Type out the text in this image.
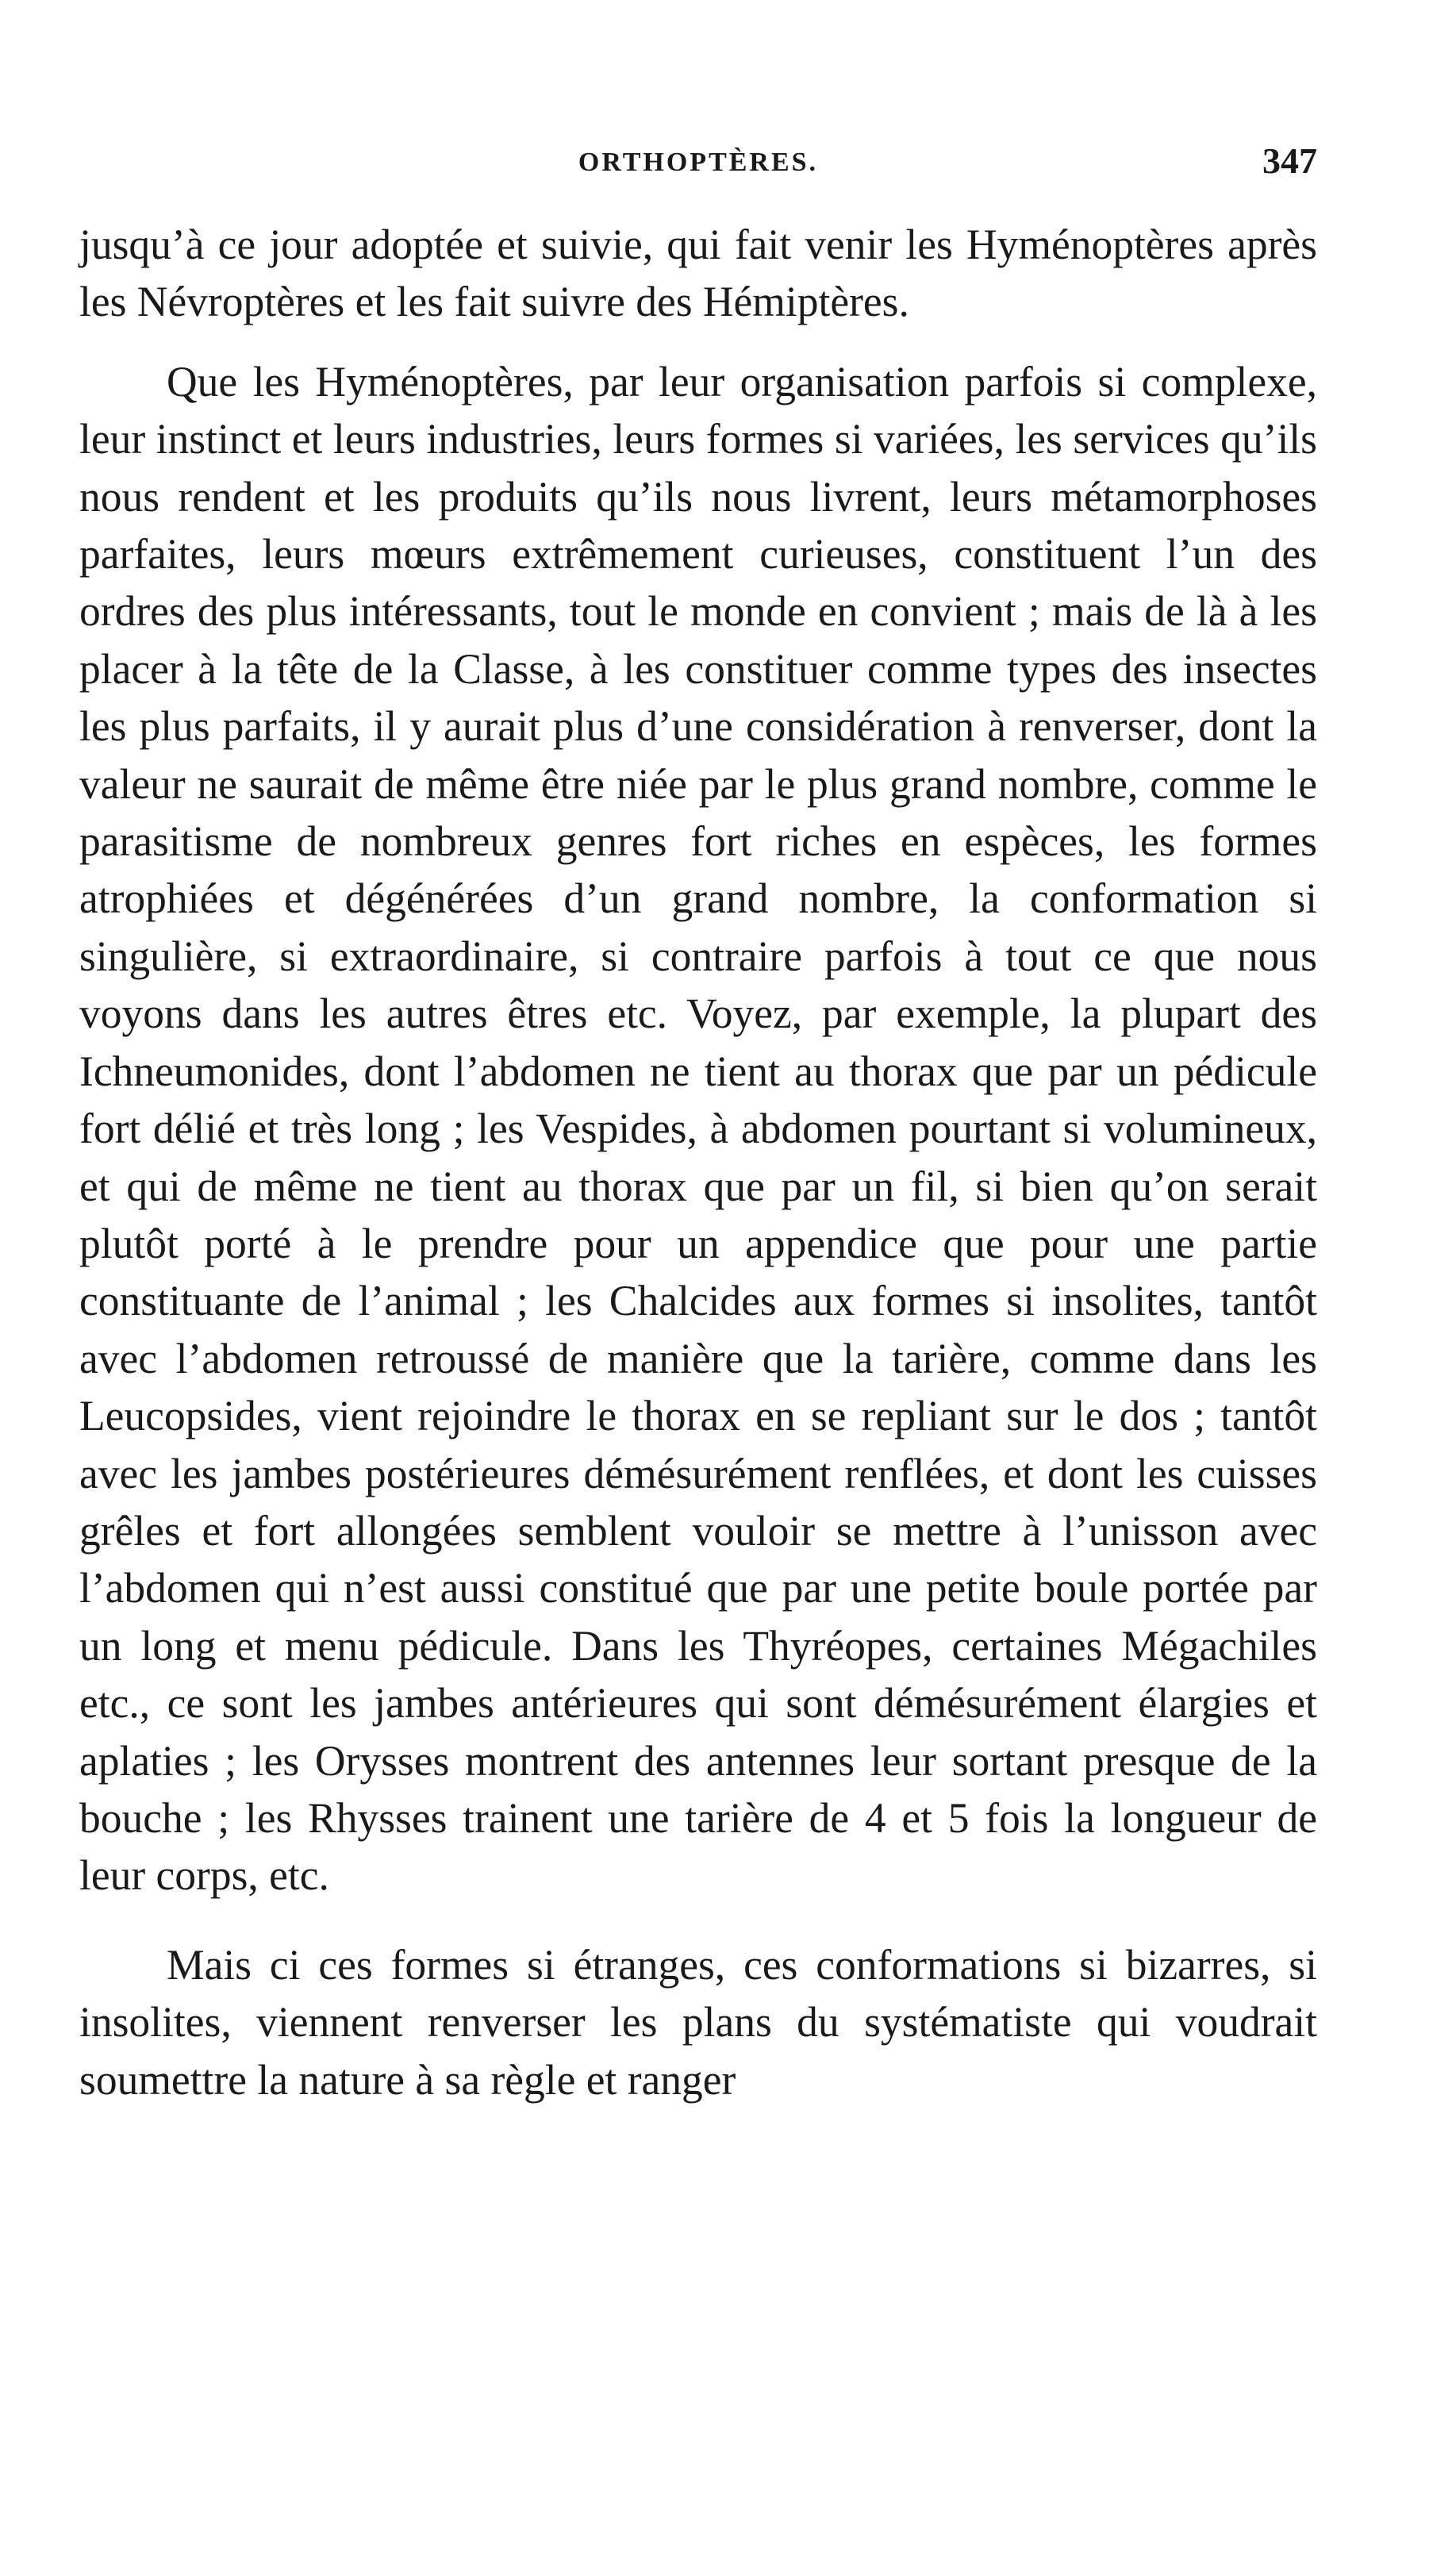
ORTHOPTÈRES.	347

jusqu’à ce jour adoptée et suivie, qui fait venir les Hyménoptères après les Névroptères et les fait suivre des Hémiptères.

Que les Hyménoptères, par leur organisation parfois si complexe, leur instinct et leurs industries, leurs formes si variées, les services qu’ils nous rendent et les produits qu’ils nous livrent, leurs métamorphoses parfaites, leurs mœurs extrêmement curieuses, constituent l’un des ordres des plus intéressants, tout le monde en convient ; mais de là à les placer à la tête de la Classe, à les constituer comme types des insectes les plus parfaits, il y aurait plus d’une considération à renverser, dont la valeur ne saurait de même être niée par le plus grand nombre, comme le parasitisme de nombreux genres fort riches en espèces, les formes atrophiées et dégénérées d’un grand nombre, la conformation si singulière, si extraordinaire, si contraire parfois à tout ce que nous voyons dans les autres êtres etc. Voyez, par exemple, la plupart des Ichneumonides, dont l’abdomen ne tient au thorax que par un pédicule fort délié et très long ; les Vespides, à abdomen pourtant si volumineux, et qui de même ne tient au thorax que par un fil, si bien qu’on serait plutôt porté à le prendre pour un appendice que pour une partie constituante de l’animal ; les Chalcides aux formes si insolites, tantôt avec l’abdomen retroussé de manière que la tarière, comme dans les Leucopsides, vient rejoindre le thorax en se repliant sur le dos ; tantôt avec les jambes postérieures démésurément renflées, et dont les cuisses grêles et fort allongées semblent vouloir se mettre à l’unisson avec l’abdomen qui n’est aussi constitué que par une petite boule portée par un long et menu pédicule. Dans les Thyréopes, certaines Mégachiles etc., ce sont les jambes antérieures qui sont démésurément élargies et aplaties ; les Orysses montrent des antennes leur sortant presque de la bouche ; les Rhysses trainent une tarière de 4 et 5 fois la longueur de leur corps, etc.

Mais ci ces formes si étranges, ces conformations si bizarres, si insolites, viennent renverser les plans du systématiste qui voudrait soumettre la nature à sa règle et ranger
